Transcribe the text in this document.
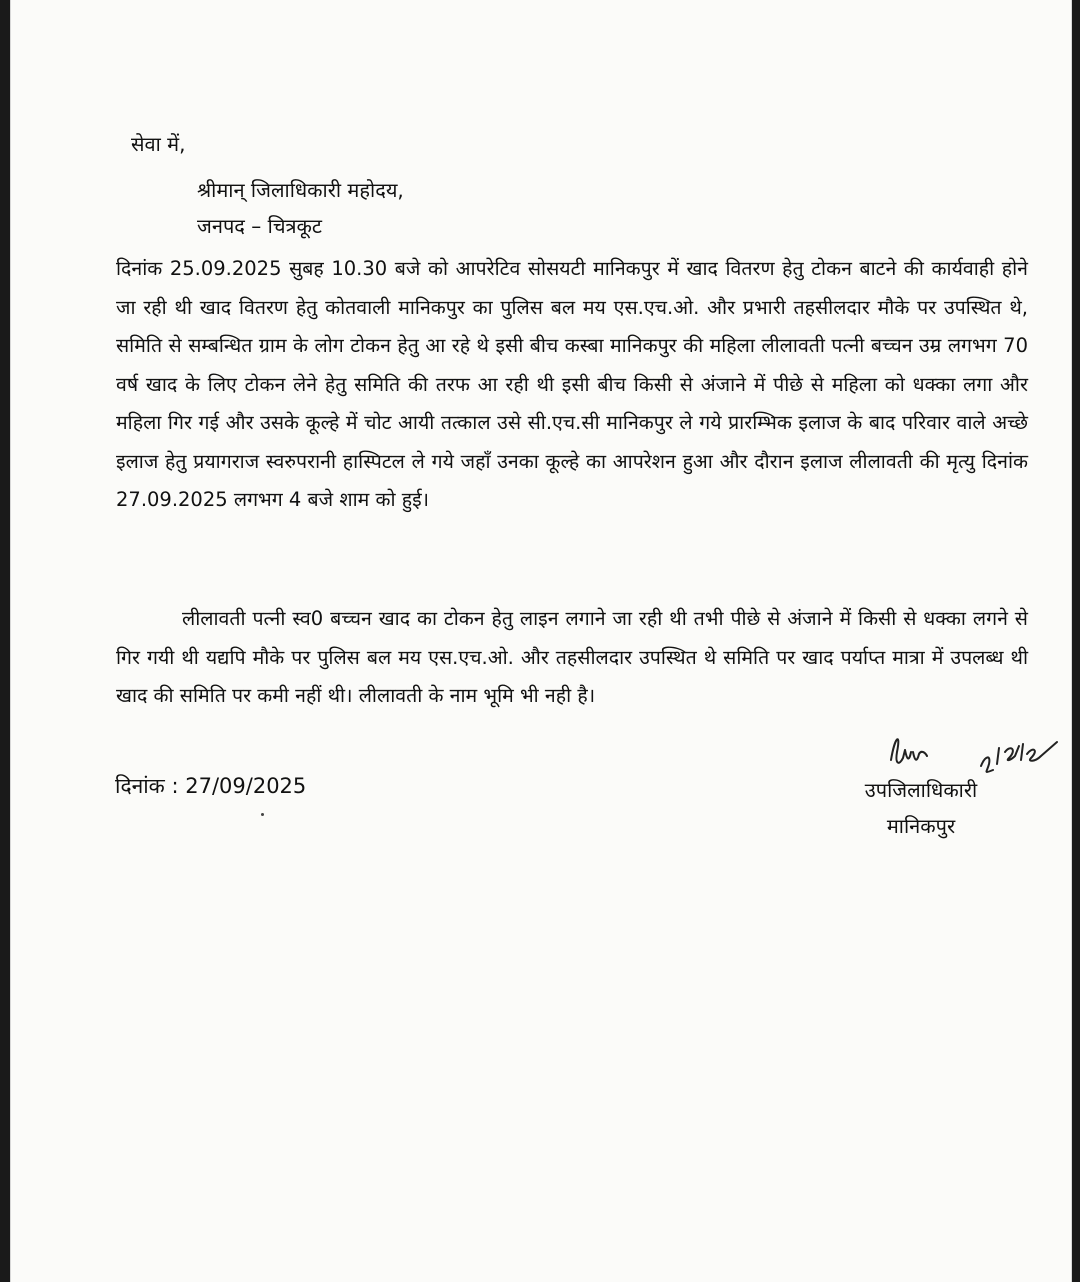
सेवा में,

श्रीमान् जिलाधिकारी महोदय,
जनपद – चित्रकूट

दिनांक 25.09.2025 सुबह 10.30 बजे को आपरेटिव सोसयटी मानिकपुर में खाद वितरण हेतु टोकन बाटने की कार्यवाही होने जा रही थी खाद वितरण हेतु कोतवाली मानिकपुर का पुलिस बल मय एस.एच.ओ. और प्रभारी तहसीलदार मौके पर उपस्थित थे, समिति से सम्बन्धित ग्राम के लोग टोकन हेतु आ रहे थे इसी बीच कस्बा मानिकपुर की महिला लीलावती पत्नी बच्चन उम्र लगभग 70 वर्ष खाद के लिए टोकन लेने हेतु समिति की तरफ आ रही थी इसी बीच किसी से अंजाने में पीछे से महिला को धक्का लगा और महिला गिर गई और उसके कूल्हे में चोट आयी तत्काल उसे सी.एच.सी मानिकपुर ले गये प्रारम्भिक इलाज के बाद परिवार वाले अच्छे इलाज हेतु प्रयागराज स्वरुपरानी हास्पिटल ले गये जहाँ उनका कूल्हे का आपरेशन हुआ और दौरान इलाज लीलावती की मृत्यु दिनांक 27.09.2025 लगभग 4 बजे शाम को हुई।

लीलावती पत्नी स्व0 बच्चन खाद का टोकन हेतु लाइन लगाने जा रही थी तभी पीछे से अंजाने में किसी से धक्का लगने से गिर गयी थी यद्यपि मौके पर पुलिस बल मय एस.एच.ओ. और तहसीलदार उपस्थित थे समिति पर खाद पर्याप्त मात्रा में उपलब्ध थी खाद की समिति पर कमी नहीं थी। लीलावती के नाम भूमि भी नही है।

दिनांक : 27/09/2025	उपजिलाधिकारी
मानिकपुर
